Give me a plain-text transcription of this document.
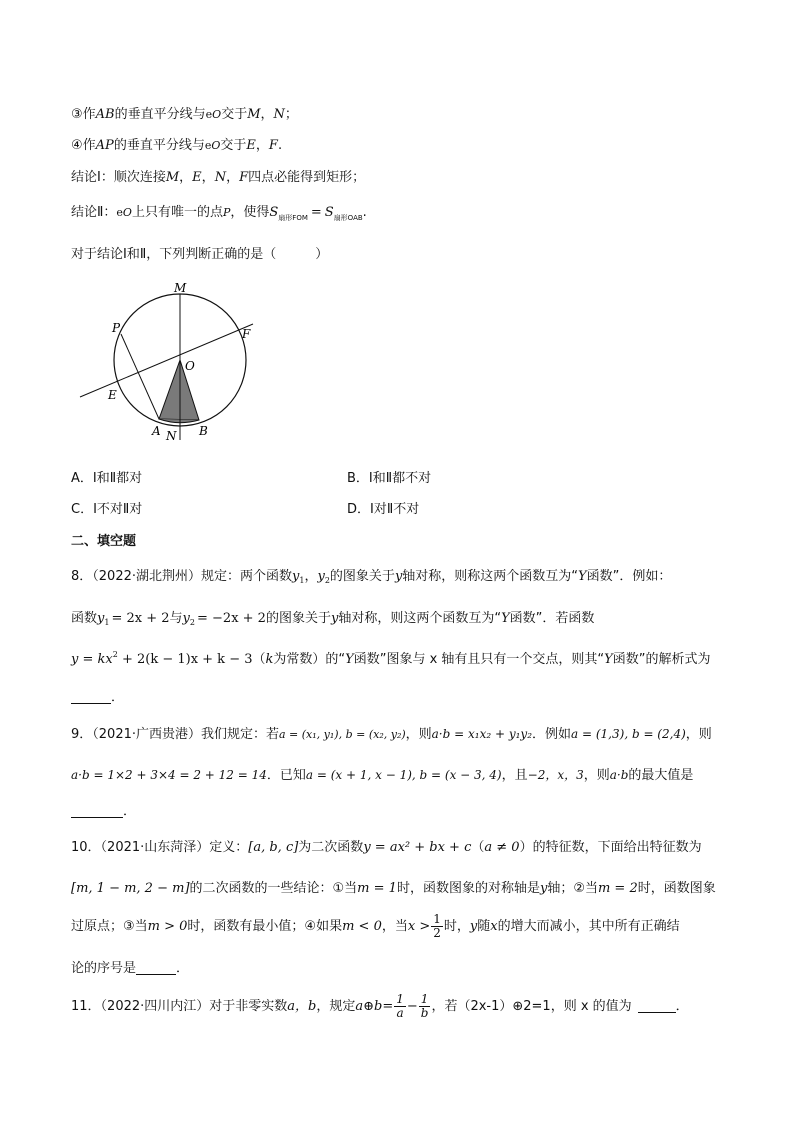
③作AB的垂直平分线与eO交于M，N；
④作AP的垂直平分线与eO交于E，F.
结论Ⅰ：顺次连接M，E，N，F四点必能得到矩形；
结论Ⅱ：eO上只有唯一的点P，使得$S_{扇形FOM} = S_{扇形OAB}$.
对于结论Ⅰ和Ⅱ，下列判断正确的是（　　　）
M
P	F
O
E
A N B
A．Ⅰ和Ⅱ都对	B．Ⅰ和Ⅱ都不对
C．Ⅰ不对Ⅱ对	D．Ⅰ对Ⅱ不对
二、填空题
8．（2022·湖北荆州）规定：两个函数$y_1$，$y_2$的图象关于y轴对称，则称这两个函数互为“Y函数”．例如：
函数$y_1 = 2x + 2$与$y_2 = -2x + 2$的图象关于y轴对称，则这两个函数互为“Y函数”．若函数
$y = kx^2 + 2(k - 1)x + k - 3(k$为常数）的“Y函数”图象与 x 轴有且只有一个交点，则其“Y函数”的解析式为
．
9．（2021·广西贵港）我们规定：若a = (x₁, y₁), b = (x₂, y₂)，则a·b = x₁x₂ + y₁y₂．例如a = (1,3), b = (2,4)，则
a·b = 1×2 + 3×4 = 2 + 12 = 14．已知a = (x + 1, x − 1), b = (x − 3, 4)，且−2，x，3，则a·b的最大值是
．
10．（2021·山东菏泽）定义：[a, b, c]为二次函数y = ax² + bx + c（a ≠ 0）的特征数，下面给出特征数为
[m, 1 − m, 2 − m]的二次函数的一些结论：①当m = 1时，函数图象的对称轴是y轴；②当m = 2时，函数图象
过原点；③当m > 0时，函数有最小值；④如果m < 0，当$x > \frac{1}{2}$ 时，y随x的增大而减小，其中所有正确结
论的序号是	．
11．（2022·四川内江）对于非零实数a，b，规定a⊕b= $\frac{1}{a} - \frac{1}{b}$ ，若（2x-1）⊕2=1，则 x 的值为	．
